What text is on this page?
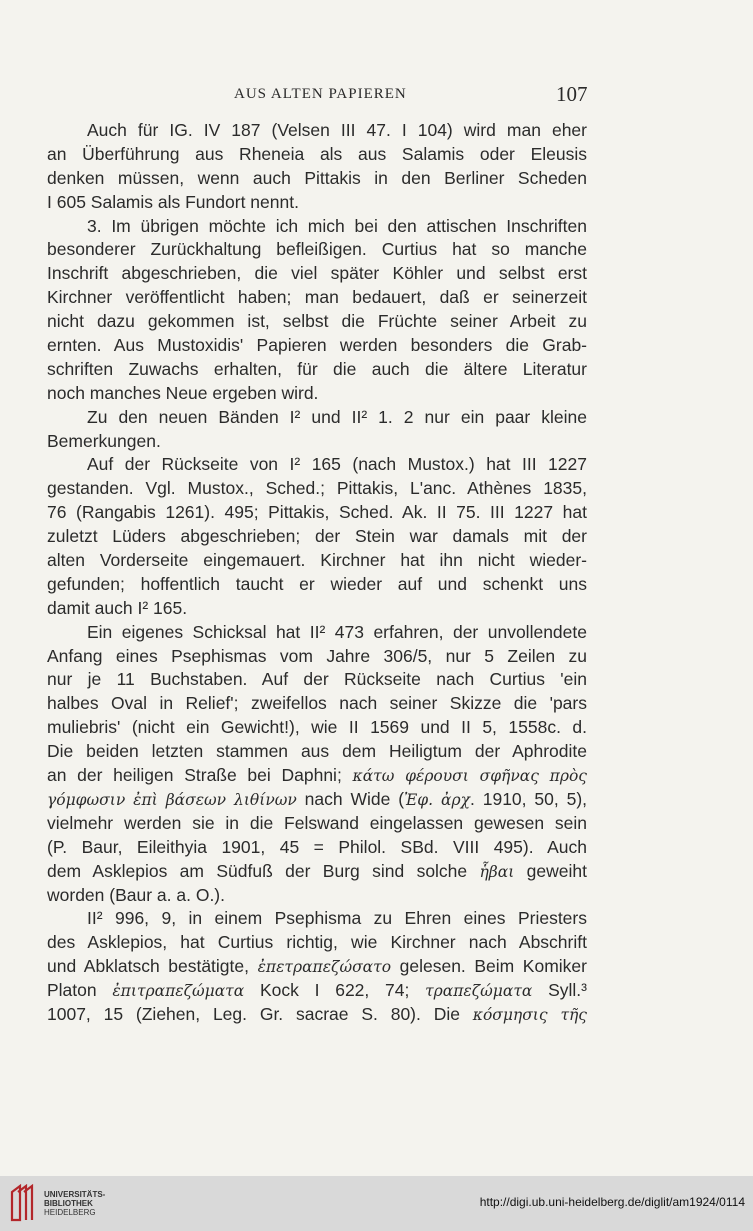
AUS ALTEN PAPIEREN	107
Auch für IG. IV 187 (Velsen III 47. I 104) wird man eher
an Überführung aus Rheneia als aus Salamis oder Eleusis
denken müssen, wenn auch Pittakis in den Berliner Scheden
I 605 Salamis als Fundort nennt.
3. Im übrigen möchte ich mich bei den attischen Inschriften
besonderer Zurückhaltung befleißigen. Curtius hat so manche
Inschrift abgeschrieben, die viel später Köhler und selbst erst
Kirchner veröffentlicht haben; man bedauert, daß er seinerzeit
nicht dazu gekommen ist, selbst die Früchte seiner Arbeit zu
ernten. Aus Mustoxidis' Papieren werden besonders die Grab-
schriften Zuwachs erhalten, für die auch die ältere Literatur
noch manches Neue ergeben wird.
Zu den neuen Bänden I² und II² 1. 2 nur ein paar kleine
Bemerkungen.
Auf der Rückseite von I² 165 (nach Mustox.) hat III 1227
gestanden. Vgl. Mustox., Sched.; Pittakis, L'anc. Athènes 1835,
76 (Rangabis 1261). 495; Pittakis, Sched. Ak. II 75. III 1227 hat
zuletzt Lüders abgeschrieben; der Stein war damals mit der
alten Vorderseite eingemauert. Kirchner hat ihn nicht wieder-
gefunden; hoffentlich taucht er wieder auf und schenkt uns
damit auch I² 165.
Ein eigenes Schicksal hat II² 473 erfahren, der unvollendete
Anfang eines Psephismas vom Jahre 306/5, nur 5 Zeilen zu
nur je 11 Buchstaben. Auf der Rückseite nach Curtius 'ein
halbes Oval in Relief'; zweifellos nach seiner Skizze die 'pars
muliebris' (nicht ein Gewicht!), wie II 1569 und II 5, 1558c. d.
Die beiden letzten stammen aus dem Heiligtum der Aphrodite
an der heiligen Straße bei Daphni; κάτω φέρουσι σφῆνας πρὸς
γόμφωσιν ἐπὶ βάσεων λιθίνων nach Wide (Ἐφ. ἀρχ. 1910, 50, 5),
vielmehr werden sie in die Felswand eingelassen gewesen sein
(P. Baur, Eileithyia 1901, 45 = Philol. SBd. VIII 495). Auch
dem Asklepios am Südfuß der Burg sind solche ἧβαι geweiht
worden (Baur a. a. O.).
II² 996, 9, in einem Psephisma zu Ehren eines Priesters
des Asklepios, hat Curtius richtig, wie Kirchner nach Abschrift
und Abklatsch bestätigte, ἐπετραπεζώσατο gelesen. Beim Komiker
Platon ἐπιτραπεζώματα Kock I 622, 74; τραπεζώματα Syll.³
1007, 15 (Ziehen, Leg. Gr. sacrae S. 80). Die κόσμησις τῆς
UNIVERSITÄTS-
BIBLIOTHEK
HEIDELBERG
http://digi.ub.uni-heidelberg.de/diglit/am1924/0114
